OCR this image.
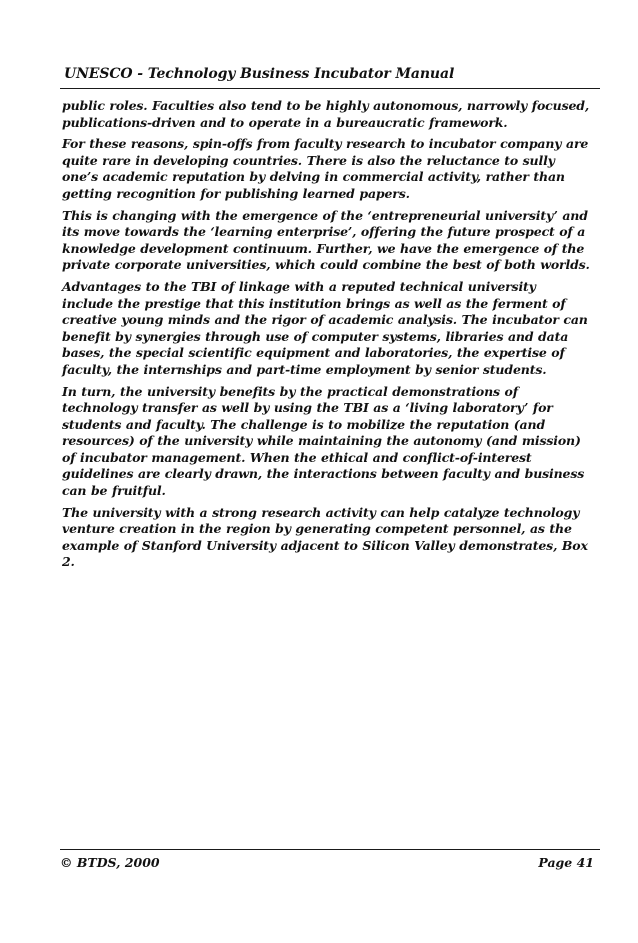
UNESCO - Technology Business Incubator Manual

public roles. Faculties also tend to be highly autonomous, narrowly focused, publications-driven and to operate in a bureaucratic framework.

For these reasons, spin-offs from faculty research to incubator company are quite rare in developing countries. There is also the reluctance to sully one’s academic reputation by delving in commercial activity, rather than getting recognition for publishing learned papers.

This is changing with the emergence of the ‘entrepreneurial university’ and its move towards the ‘learning enterprise’, offering the future prospect of a knowledge development continuum. Further, we have the emergence of the private corporate universities, which could combine the best of both worlds.

Advantages to the TBI of linkage with a reputed technical university include the prestige that this institution brings as well as the ferment of creative young minds and the rigor of academic analysis. The incubator can benefit by synergies through use of computer systems, libraries and data bases, the special scientific equipment and laboratories, the expertise of faculty, the internships and part-time employment by senior students.

In turn, the university benefits by the practical demonstrations of technology transfer as well by using the TBI as a ‘living laboratory’ for students and faculty. The challenge is to mobilize the reputation (and resources) of the university while maintaining the autonomy (and mission) of incubator management. When the ethical and conflict-of-interest guidelines are clearly drawn, the interactions between faculty and business can be fruitful.

The university with a strong research activity can help catalyze technology venture creation in the region by generating competent personnel, as the example of Stanford University adjacent to Silicon Valley demonstrates, Box 2.

© BTDS, 2000	Page 41
